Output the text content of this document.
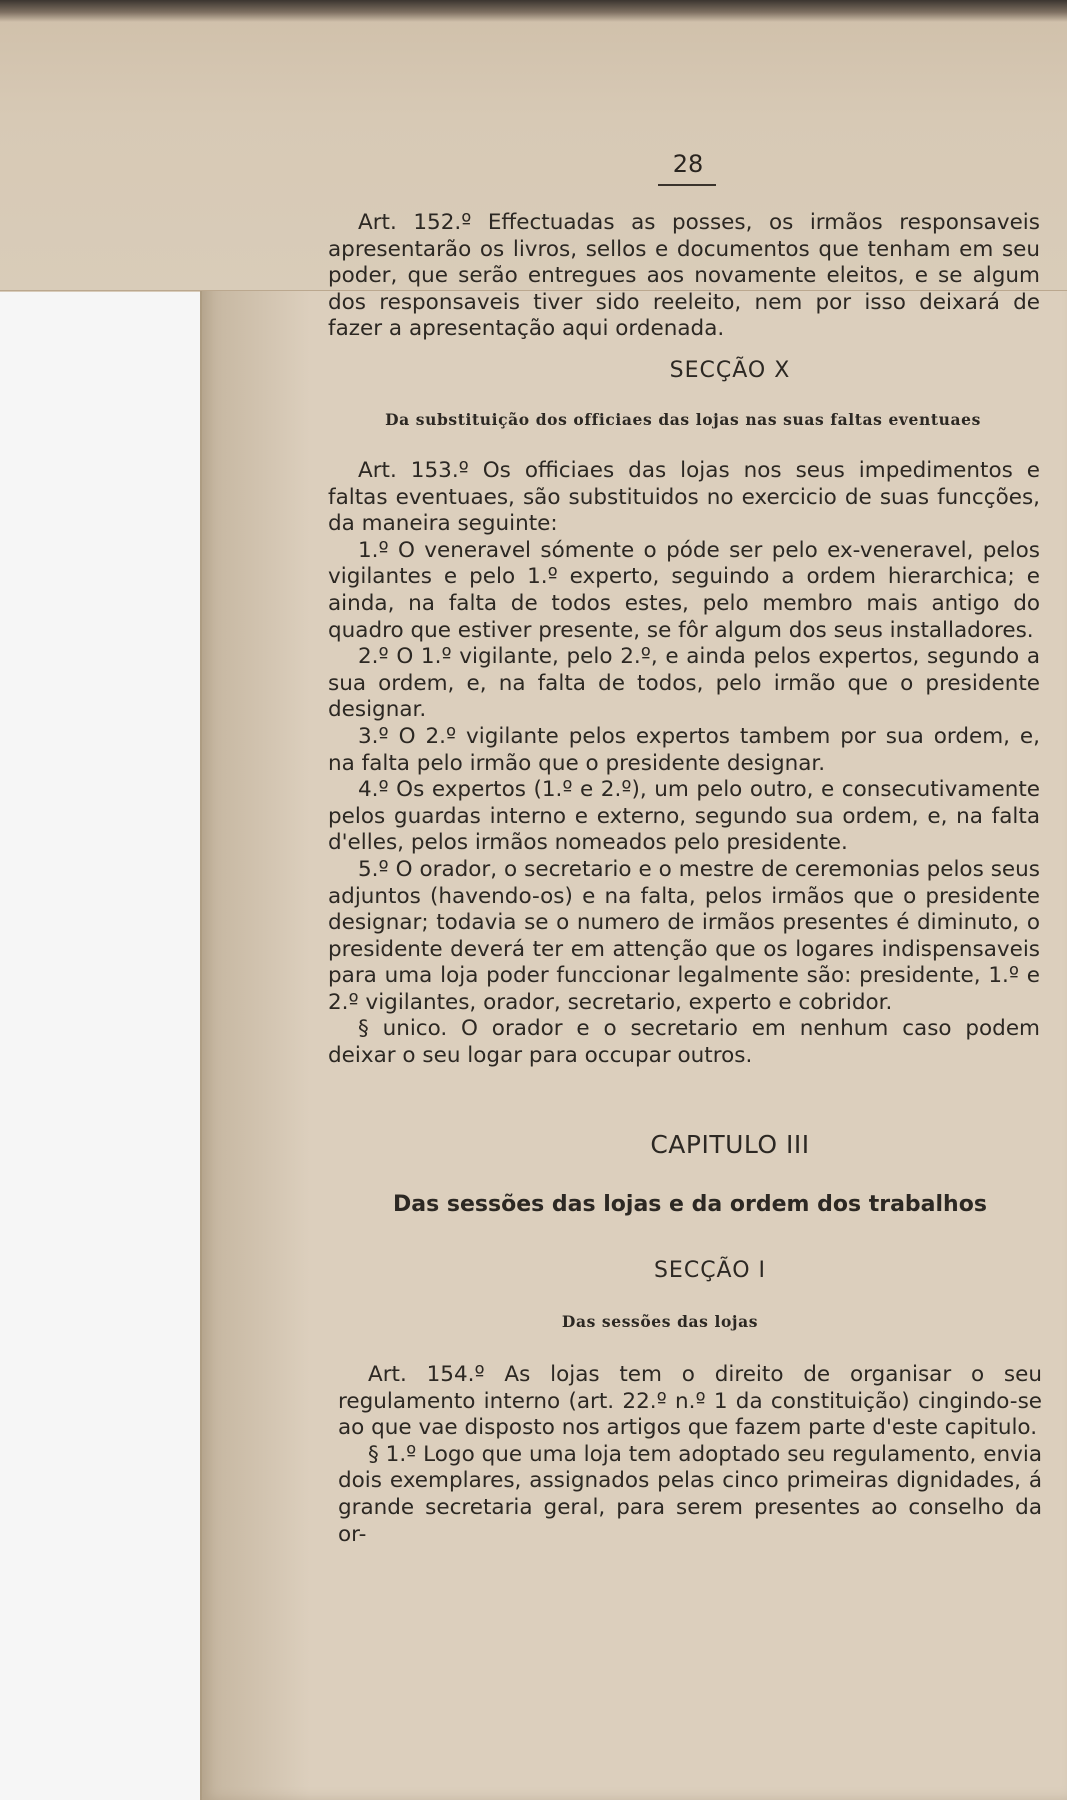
28

Art. 152.º Effectuadas as posses, os irmãos responsaveis apresentarão os livros, sellos e documentos que tenham em seu poder, que serão entregues aos novamente eleitos, e se algum dos responsaveis tiver sido reeleito, nem por isso deixará de fazer a apresentação aqui ordenada.

SECÇÃO X
Da substituição dos officiaes das lojas nas suas faltas eventuaes

Art. 153.º Os officiaes das lojas nos seus impedimentos e faltas eventuaes, são substituidos no exercicio de suas funcções, da maneira seguinte:

1.º O veneravel sómente o póde ser pelo ex-veneravel, pelos vigilantes e pelo 1.º experto, seguindo a ordem hierarchica; e ainda, na falta de todos estes, pelo membro mais antigo do quadro que estiver presente, se fôr algum dos seus installadores.

2.º O 1.º vigilante, pelo 2.º, e ainda pelos expertos, segundo a sua ordem, e, na falta de todos, pelo irmão que o presidente designar.

3.º O 2.º vigilante pelos expertos tambem por sua ordem, e, na falta pelo irmão que o presidente designar.

4.º Os expertos (1.º e 2.º), um pelo outro, e consecutivamente pelos guardas interno e externo, segundo sua ordem, e, na falta d'elles, pelos irmãos nomeados pelo presidente.

5.º O orador, o secretario e o mestre de ceremonias pelos seus adjuntos (havendo-os) e na falta, pelos irmãos que o presidente designar; todavia se o numero de irmãos presentes é diminuto, o presidente deverá ter em attenção que os logares indispensaveis para uma loja poder funccionar legalmente são: presidente, 1.º e 2.º vigilantes, orador, secretario, experto e cobridor.

§ unico. O orador e o secretario em nenhum caso podem deixar o seu logar para occupar outros.

CAPITULO III
Das sessões das lojas e da ordem dos trabalhos
SECÇÃO I
Das sessões das lojas

Art. 154.º As lojas tem o direito de organisar o seu regulamento interno (art. 22.º n.º 1 da constituição) cingindo-se ao que vae disposto nos artigos que fazem parte d'este capitulo.

§ 1.º Logo que uma loja tem adoptado seu regulamento, envia dois exemplares, assignados pelas cinco primeiras dignidades, á grande secretaria geral, para serem presentes ao conselho da or-
